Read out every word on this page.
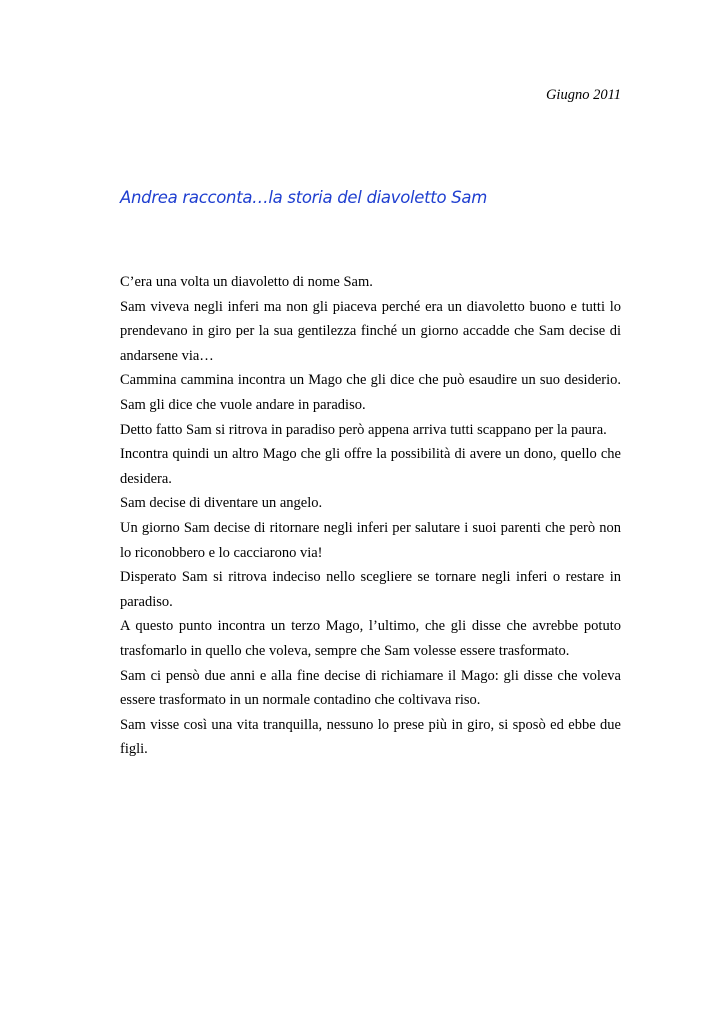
Giugno 2011
Andrea racconta…la storia del diavoletto Sam

C’era una volta un diavoletto di nome Sam.

Sam viveva negli inferi ma non gli piaceva perché era un diavoletto buono e tutti lo prendevano in giro per la sua gentilezza finché un giorno accadde che Sam decise di andarsene via…

Cammina cammina incontra un Mago che gli dice che può esaudire un suo desiderio. Sam gli dice che vuole andare in paradiso.

Detto fatto Sam si ritrova in paradiso però appena arriva tutti scappano per la paura.

Incontra quindi un altro Mago che gli offre la possibilità di avere un dono, quello che desidera.

Sam decise di diventare un angelo.

Un giorno Sam decise di ritornare negli inferi per salutare i suoi parenti che però non lo riconobbero e lo cacciarono via!

Disperato Sam si ritrova indeciso nello scegliere se tornare negli inferi o restare in paradiso.

A questo punto incontra un terzo Mago, l’ultimo, che gli disse che avrebbe potuto trasfomarlo in quello che voleva, sempre che Sam volesse essere trasformato.

Sam ci pensò due anni e alla fine decise di richiamare il Mago: gli disse che voleva essere trasformato in un normale contadino che coltivava riso.

Sam visse così una vita tranquilla, nessuno lo prese più in giro, si sposò ed ebbe due figli.
